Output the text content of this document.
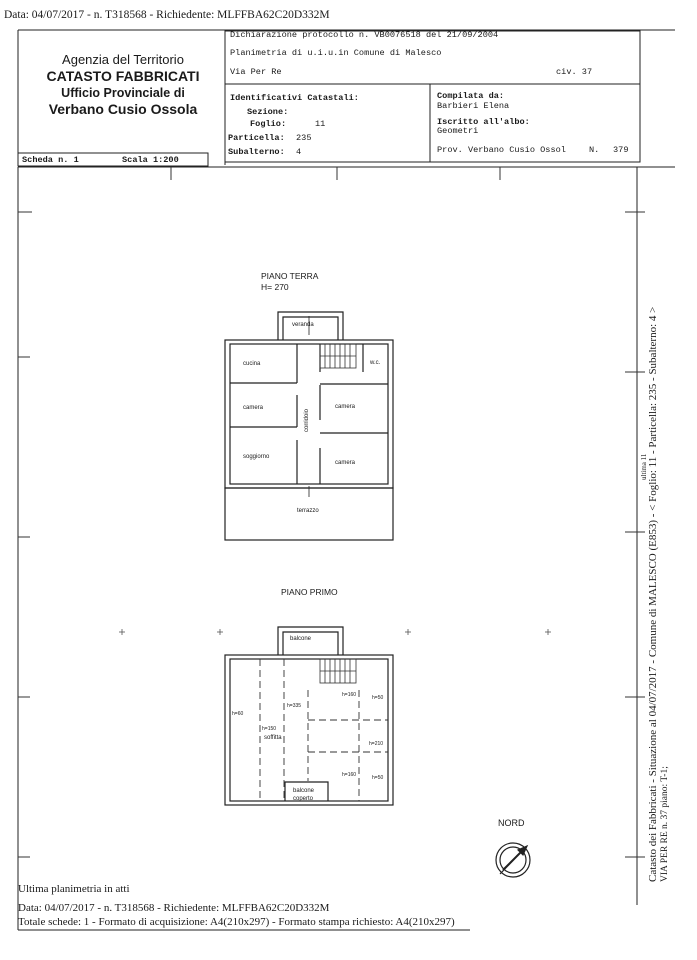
Data: 04/07/2017 - n. T318568 - Richiedente: MLFFBA62C20D332M
Agenzia del Territorio
CATASTO FABBRICATI
Ufficio Provinciale di
Verbano Cusio Ossola
Dichiarazione protocollo n. VB0076518 del 21/09/2004
Planimetria di u.i.u.in Comune di Malesco
Via Per Re	civ. 37
Identificativi Catastali:
Sezione:
Foglio:	11
Particella: 235
Subalterno: 4
Compilata da:
Barbieri Elena
Iscritto all'albo:
Geometri
Prov. Verbano Cusio Ossol	N. 379
Scheda n. 1	Scala 1:200
PIANO TERRA
H= 270
veranda
cucina	w.c.
camera	camera
corridoio
soggiorno
camera
terrazzo
PIANO PRIMO
balcone
soffitta
balcone
coperto
h=60
h=335
h=150
h=160	h=50
h=210
h=160	h=50
NORD	Catasto dei Fabbricati - Situazione al 04/07/2017 - Comune di MALESCO (E853) - < Foglio: 11 - Particella: 235 - Subalterno: 4 > VIA PER RE n. 37 piano: T-1;
ultima 11
Ultima planimetria in atti
Data: 04/07/2017 - n. T318568 - Richiedente: MLFFBA62C20D332M
Totale schede: 1 - Formato di acquisizione: A4(210x297) - Formato stampa richiesto: A4(210x297)
